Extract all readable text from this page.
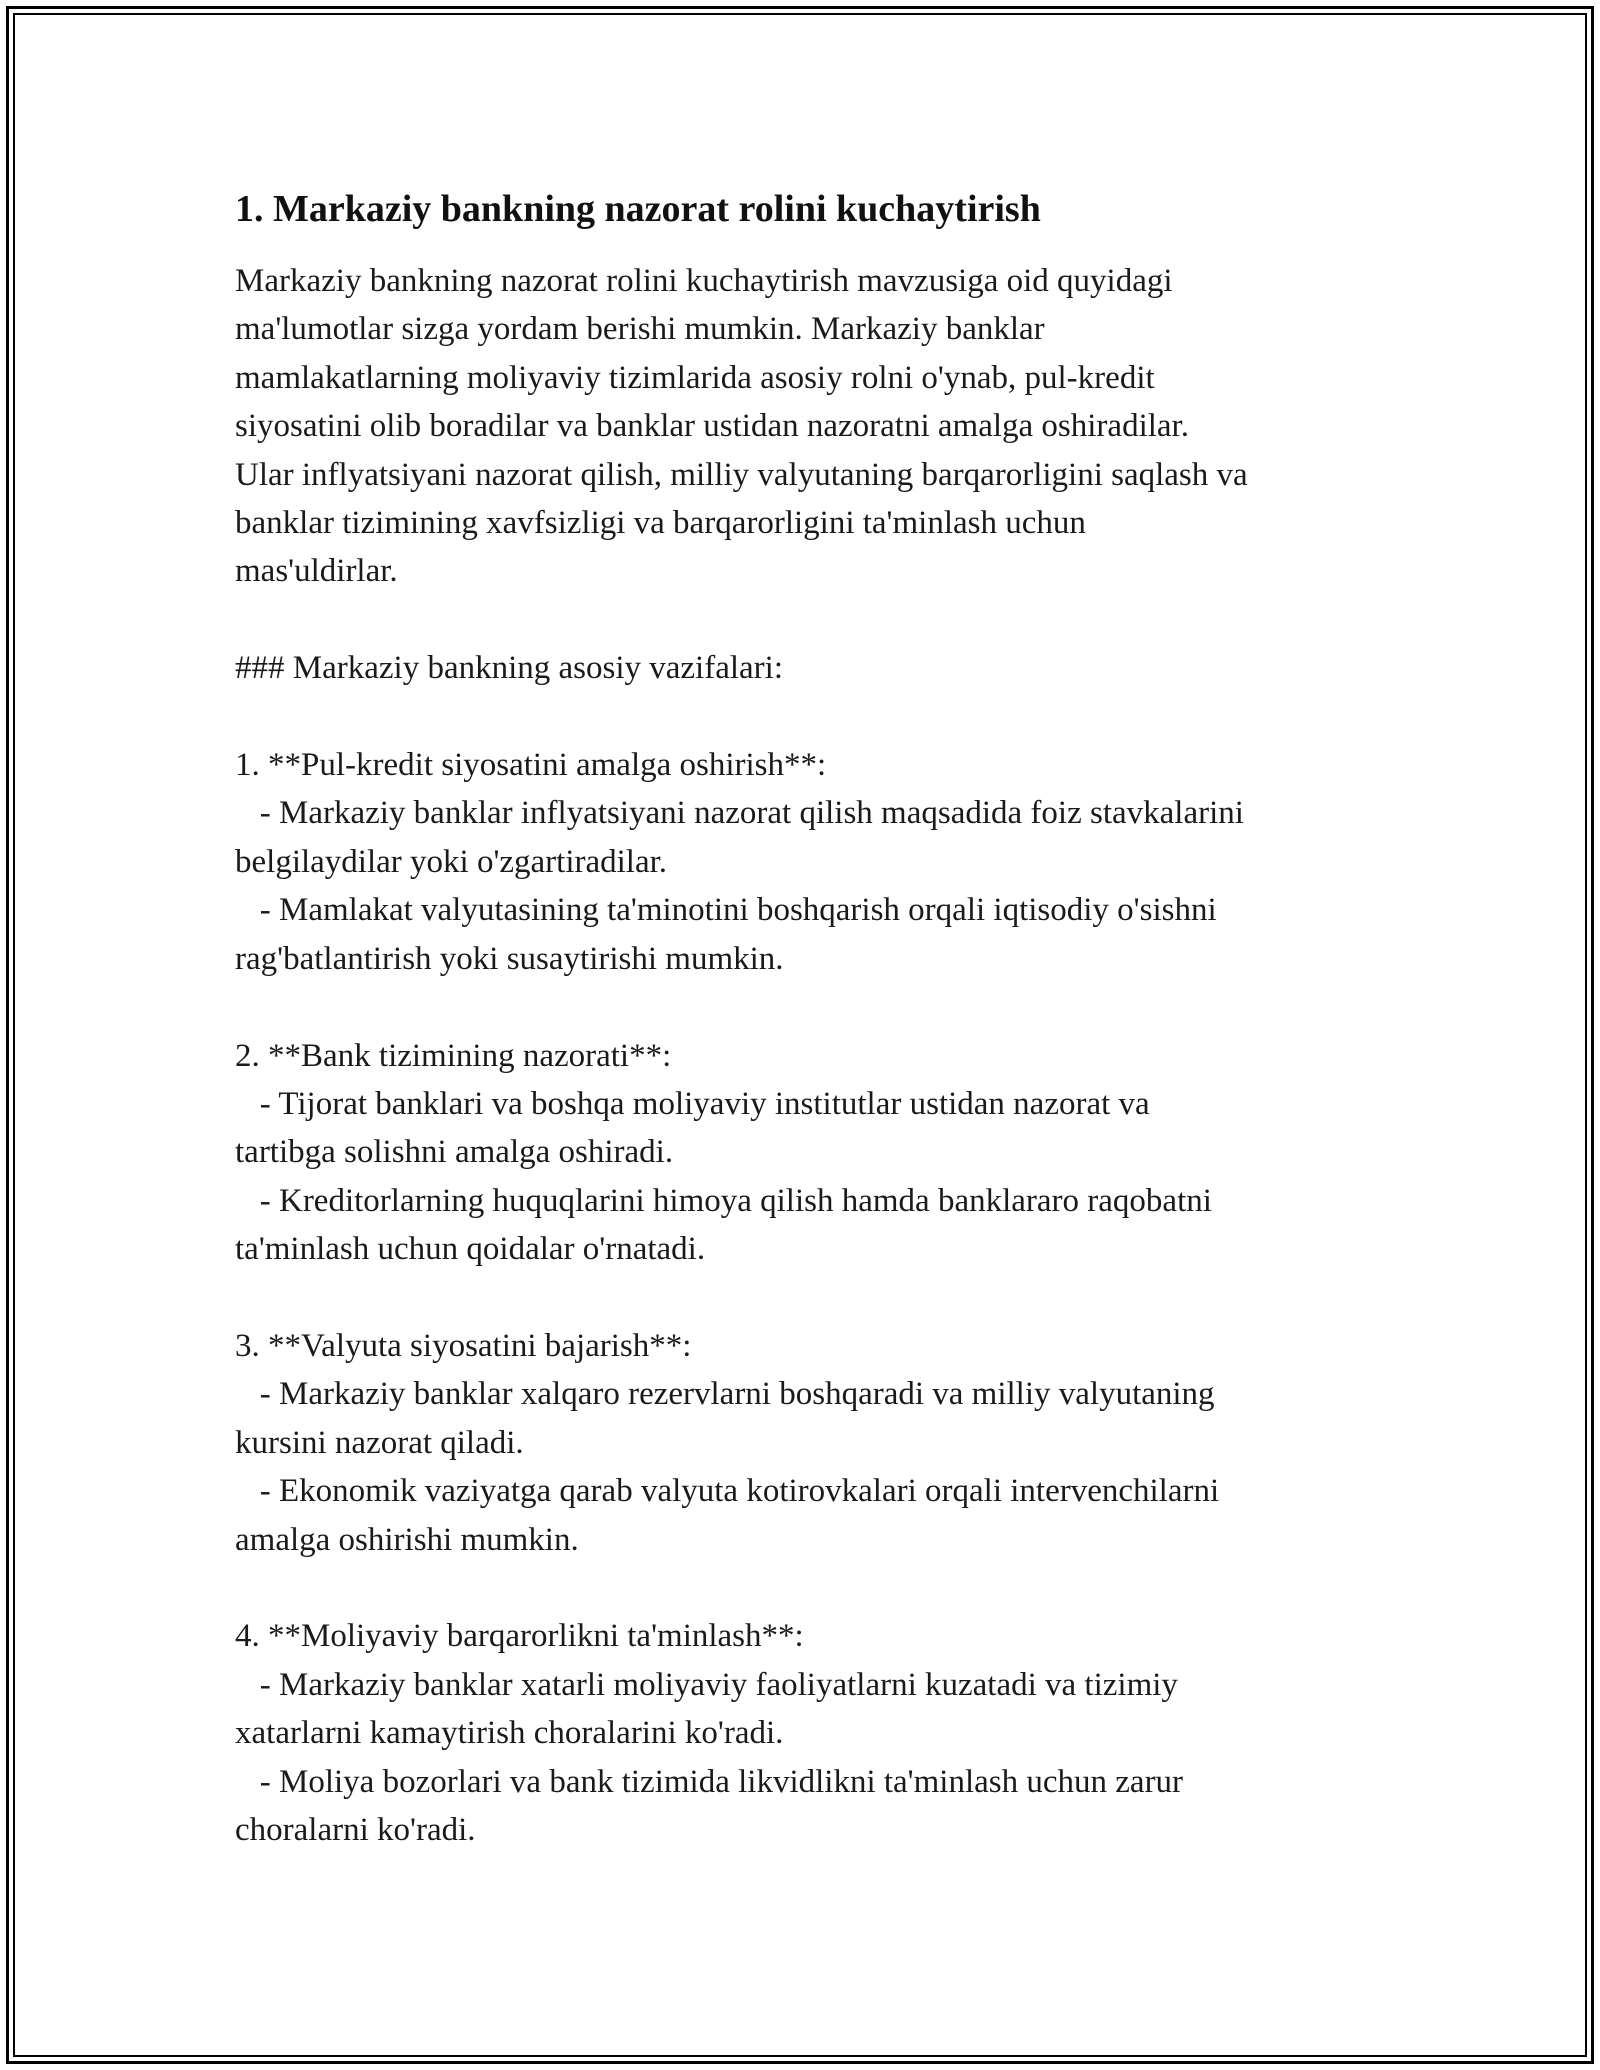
1. Markaziy bankning nazorat rolini kuchaytirish

Markaziy bankning nazorat rolini kuchaytirish mavzusiga oid quyidagi
ma'lumotlar sizga yordam berishi mumkin. Markaziy banklar
mamlakatlarning moliyaviy tizimlarida asosiy rolni o'ynab, pul-kredit
siyosatini olib boradilar va banklar ustidan nazoratni amalga oshiradilar.
Ular inflyatsiyani nazorat qilish, milliy valyutaning barqarorligini saqlash va
banklar tizimining xavfsizligi va barqarorligini ta'minlash uchun
mas'uldirlar.

### Markaziy bankning asosiy vazifalari:

1. **Pul-kredit siyosatini amalga oshirish**:
- Markaziy banklar inflyatsiyani nazorat qilish maqsadida foiz stavkalarini
belgilaydilar yoki o'zgartiradilar.
- Mamlakat valyutasining ta'minotini boshqarish orqali iqtisodiy o'sishni
rag'batlantirish yoki susaytirishi mumkin.

2. **Bank tizimining nazorati**:
- Tijorat banklari va boshqa moliyaviy institutlar ustidan nazorat va
tartibga solishni amalga oshiradi.
- Kreditorlarning huquqlarini himoya qilish hamda banklararo raqobatni
ta'minlash uchun qoidalar o'rnatadi.

3. **Valyuta siyosatini bajarish**:
- Markaziy banklar xalqaro rezervlarni boshqaradi va milliy valyutaning
kursini nazorat qiladi.
- Ekonomik vaziyatga qarab valyuta kotirovkalari orqali intervenchilarni
amalga oshirishi mumkin.

4. **Moliyaviy barqarorlikni ta'minlash**:
- Markaziy banklar xatarli moliyaviy faoliyatlarni kuzatadi va tizimiy
xatarlarni kamaytirish choralarini ko'radi.
- Moliya bozorlari va bank tizimida likvidlikni ta'minlash uchun zarur
choralarni ko'radi.
